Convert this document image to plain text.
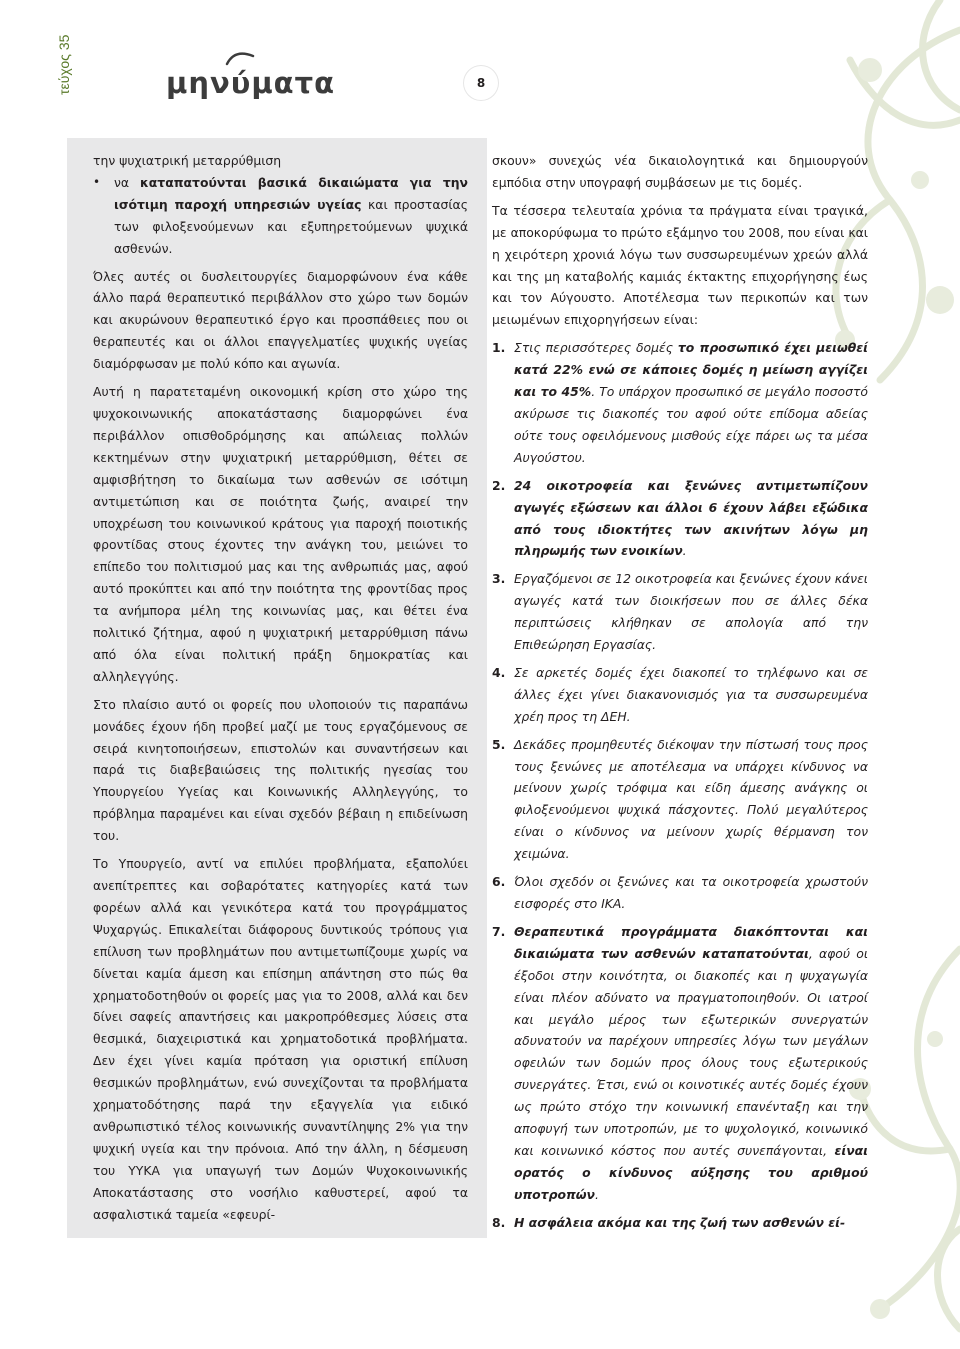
τεύχος 35	μηνύματα	8

την ψυχιατρική μεταρρύθμιση

• να καταπατούνται βασικά δικαιώματα για την ισότιμη παροχή υπηρεσιών υγείας και προστασίας των φιλοξενούμενων και εξυπηρετούμενων ψυχικά ασθενών.

Όλες αυτές οι δυσλειτουργίες διαμορφώνουν ένα κάθε άλλο παρά θεραπευτικό περιβάλλον στο χώρο των δομών και ακυρώνουν θεραπευτικό έργο και προσπάθειες που οι θεραπευτές και οι άλλοι επαγγελματίες ψυχικής υγείας διαμόρφωσαν με πολύ κόπο και αγωνία.

Αυτή η παρατεταμένη οικονομική κρίση στο χώρο της ψυχοκοινωνικής αποκατάστασης διαμορφώνει ένα περιβάλλον οπισθοδρόμησης και απώλειας πολλών κεκτημένων στην ψυχιατρική μεταρρύθμιση, θέτει σε αμφισβήτηση το δικαίωμα των ασθενών σε ισότιμη αντιμετώπιση και σε ποιότητα ζωής, αναιρεί την υποχρέωση του κοινωνικού κράτους για παροχή ποιοτικής φροντίδας στους έχοντες την ανάγκη του, μειώνει το επίπεδο του πολιτισμού μας και της ανθρωπιάς μας, αφού αυτό προκύπτει και από την ποιότητα της φροντίδας προς τα ανήμπορα μέλη της κοινωνίας μας, και θέτει ένα πολιτικό ζήτημα, αφού η ψυχιατρική μεταρρύθμιση πάνω από όλα είναι πολιτική πράξη δημοκρατίας και αλληλεγγύης.

Στο πλαίσιο αυτό οι φορείς που υλοποιούν τις παραπάνω μονάδες έχουν ήδη προβεί μαζί με τους εργαζόμενους σε σειρά κινητοποιήσεων, επιστολών και συναντήσεων και παρά τις διαβεβαιώσεις της πολιτικής ηγεσίας του Υπουργείου Υγείας και Κοινωνικής Αλληλεγγύης, το πρόβλημα παραμένει και είναι σχεδόν βέβαιη η επιδείνωση του.

Το Υπουργείο, αντί να επιλύει προβλήματα, εξαπολύει ανεπίτρεπτες και σοβαρότατες κατηγορίες κατά των φορέων αλλά και γενικότερα κατά του προγράμματος Ψυχαργώς. Επικαλείται διάφορους δυντικούς τρόπους για επίλυση των προβλημάτων που αντιμετωπίζουμε χωρίς να δίνεται καμία άμεση και επίσημη απάντηση στο πώς θα χρηματοδοτηθούν οι φορείς μας για το 2008, αλλά και δεν δίνει σαφείς απαντήσεις και μακροπρόθεσμες λύσεις στα θεσμικά, διαχειριστικά και χρηματοδοτικά προβλήματα. Δεν έχει γίνει καμία πρόταση για οριστική επίλυση θεσμικών προβλημάτων, ενώ συνεχίζονται τα προβλήματα χρηματοδότησης παρά την εξαγγελία για ειδικό ανθρωπιστικό τέλος κοινωνικής συναντίληψης 2% για την ψυχική υγεία και την πρόνοια. Από την άλλη, η δέσμευση του ΥΥΚΑ για υπαγωγή των Δομών Ψυχοκοινωνικής Αποκατάστασης στο νοσήλιο καθυστερεί, αφού τα ασφαλιστικά ταμεία «εφευρί-

σκουν» συνεχώς νέα δικαιολογητικά και δημιουργούν εμπόδια στην υπογραφή συμβάσεων με τις δομές.

Τα τέσσερα τελευταία χρόνια τα πράγματα είναι τραγικά, με αποκορύφωμα το πρώτο εξάμηνο του 2008, που είναι και η χειρότερη χρονιά λόγω των συσσωρευμένων χρεών αλλά και της μη καταβολής καμιάς έκτακτης επιχορήγησης έως και τον Αύγουστο. Αποτέλεσμα των περικοπών και των μειωμένων επιχορηγήσεων είναι:

1. Στις περισσότερες δομές το προσωπικό έχει μειωθεί κατά 22% ενώ σε κάποιες δομές η μείωση αγγίζει και το 45%. Το υπάρχον προσωπικό σε μεγάλο ποσοστό ακύρωσε τις διακοπές του αφού ούτε επίδομα αδείας ούτε τους οφειλόμενους μισθούς είχε πάρει ως τα μέσα Αυγούστου.
2. 24 οικοτροφεία και ξενώνες αντιμετωπίζουν αγωγές εξώσεων και άλλοι 6 έχουν λάβει εξώδικα από τους ιδιοκτήτες των ακινήτων λόγω μη πληρωμής των ενοικίων.
3. Εργαζόμενοι σε 12 οικοτροφεία και ξενώνες έχουν κάνει αγωγές κατά των διοικήσεων που σε άλλες δέκα περιπτώσεις κλήθηκαν σε απολογία από την Επιθεώρηση Εργασίας.
4. Σε αρκετές δομές έχει διακοπεί το τηλέφωνο και σε άλλες έχει γίνει διακανονισμός για τα συσσωρευμένα χρέη προς τη ΔΕΗ.
5. Δεκάδες προμηθευτές διέκοψαν την πίστωσή τους προς τους ξενώνες με αποτέλεσμα να υπάρχει κίνδυνος να μείνουν χωρίς τρόφιμα και είδη άμεσης ανάγκης οι φιλοξενούμενοι ψυχικά πάσχοντες. Πολύ μεγαλύτερος είναι ο κίνδυνος να μείνουν χωρίς θέρμανση τον χειμώνα.
6. Όλοι σχεδόν οι ξενώνες και τα οικοτροφεία χρωστούν εισφορές στο ΙΚΑ.
7. Θεραπευτικά προγράμματα διακόπτονται και δικαιώματα των ασθενών καταπατούνται, αφού οι έξοδοι στην κοινότητα, οι διακοπές και η ψυχαγωγία είναι πλέον αδύνατο να πραγματοποιηθούν. Οι ιατροί και μεγάλο μέρος των εξωτερικών συνεργατών αδυνατούν να παρέχουν υπηρεσίες λόγω των μεγάλων οφειλών των δομών προς όλους τους εξωτερικούς συνεργάτες. Έτσι, ενώ οι κοινοτικές αυτές δομές έχουν ως πρώτο στόχο την κοινωνική επανένταξη και την αποφυγή των υποτροπών, με το ψυχολογικό, κοινωνικό και κοινωνικό κόστος που αυτές συνεπάγονται, είναι ορατός ο κίνδυνος αύξησης του αριθμού υποτροπών.
8. Η ασφάλεια ακόμα και της ζωή των ασθενών εί-
